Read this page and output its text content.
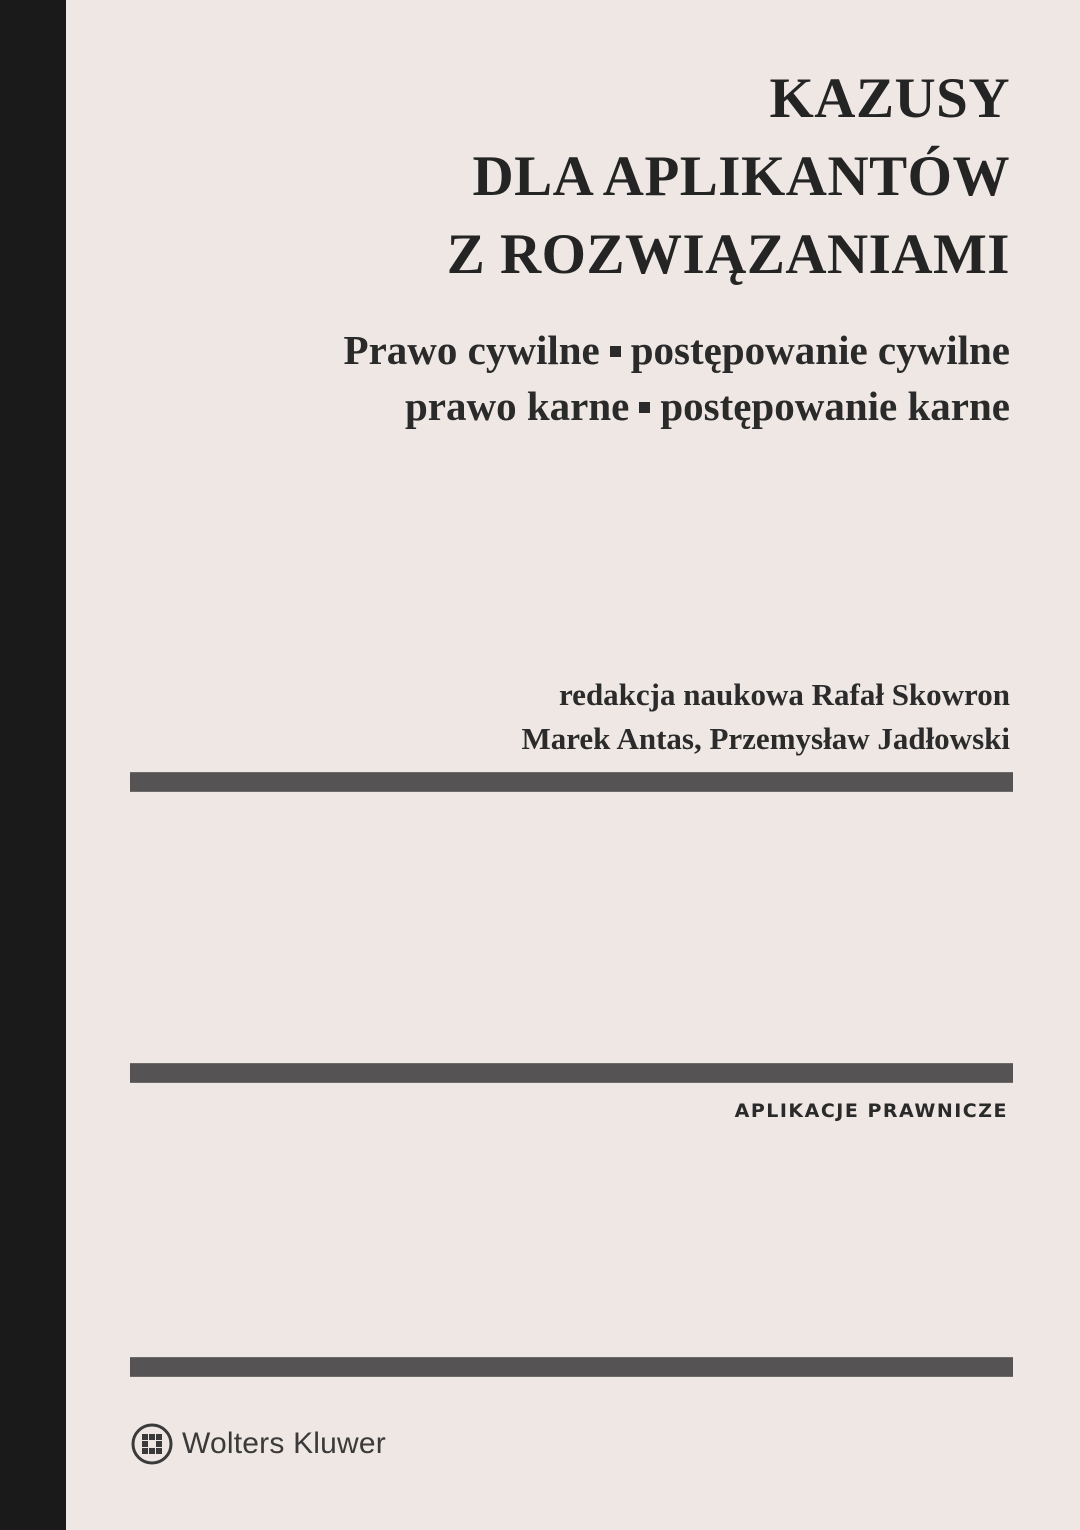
KAZUSY
DLA APLIKANTÓW
Z ROZWIĄZANIAMI
Prawo cywilne postępowanie cywilne
prawo karne postępowanie karne
redakcja naukowa Rafał Skowron
Marek Antas, Przemysław Jadłowski
APLIKACJE PRAWNICZE
Wolters Kluwer
